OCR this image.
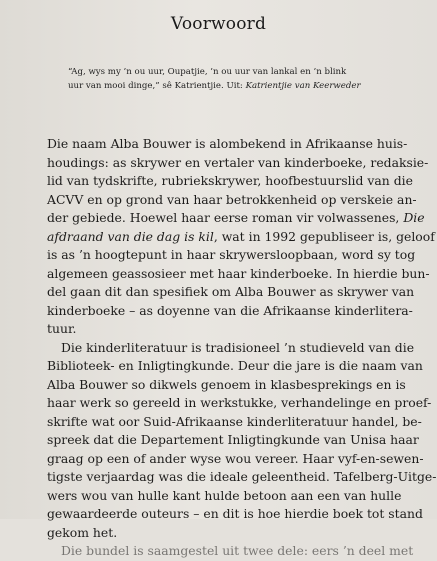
Voorwoord
“Ag, wys my ’n ou uur, Oupatjie, ’n ou uur van lankal en ’n blink
uur van mooi dinge,” sê Katrientjie. Uit: Katrientjie van Keerweder
Die naam Alba Bouwer is alombekend in Afrikaanse huis-
houdings: as skrywer en vertaler van kinderboeke, redaksie-
lid van tydskrifte, rubriekskrywer, hoofbestuurslid van die
ACVV en op grond van haar betrokkenheid op verskeie an-
der gebiede. Hoewel haar eerse roman vir volwassenes, Die
afdraand van die dag is kil, wat in 1992 gepubliseer is, geloof
is as ’n hoogtepunt in haar skrywersloopbaan, word sy tog
algemeen geassosieer met haar kinderboeke. In hierdie bun-
del gaan dit dan spesifiek om Alba Bouwer as skrywer van
kinderboeke – as doyenne van die Afrikaanse kinderlitera-
tuur.
Die kinderliteratuur is tradisioneel ’n studieveld van die
Biblioteek- en Inligtingkunde. Deur die jare is die naam van
Alba Bouwer so dikwels genoem in klasbesprekings en is
haar werk so gereeld in werkstukke, verhandelinge en proef-
skrifte wat oor Suid-Afrikaanse kinderliteratuur handel, be-
spreek dat die Departement Inligtingkunde van Unisa haar
graag op een of ander wyse wou vereer. Haar vyf-en-sewen-
tigste verjaardag was die ideale geleentheid. Tafelberg-Uitge-
wers wou van hulle kant hulde betoon aan een van hulle
gewaardeerde outeurs – en dit is hoe hierdie boek tot stand
gekom het.
Die bundel is saamgestel uit twee dele: eers ’n deel met
